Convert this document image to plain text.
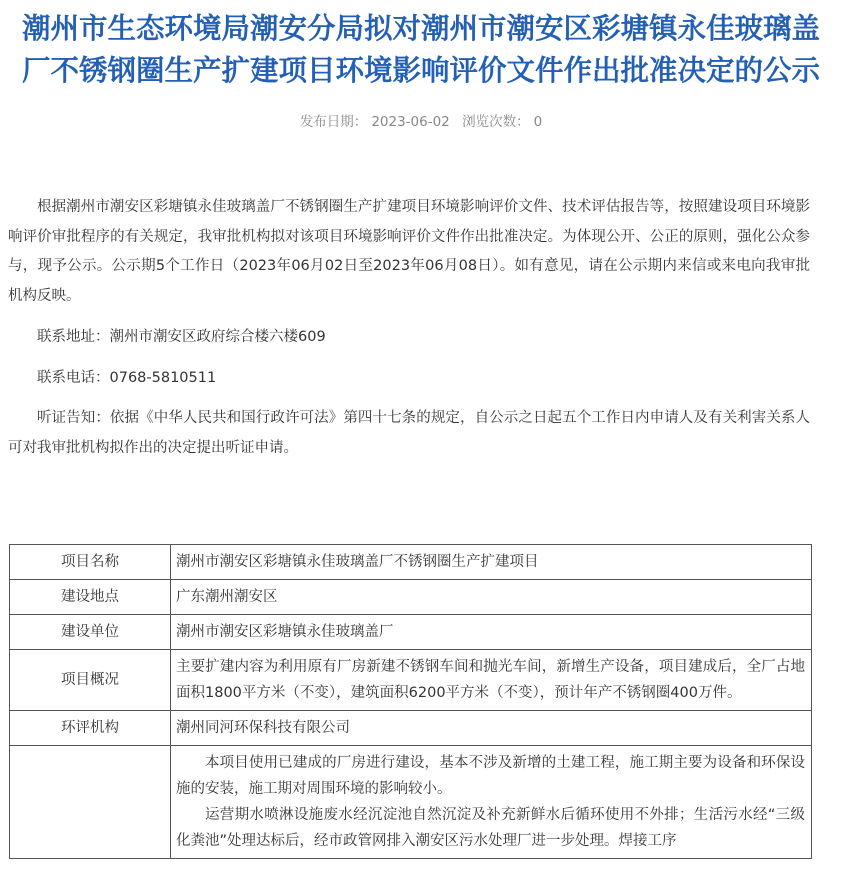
潮州市生态环境局潮安分局拟对潮州市潮安区彩塘镇永佳玻璃盖厂不锈钢圈生产扩建项目环境影响评价文件作出批准决定的公示
发布日期： 2023-06-02 浏览次数： 0

根据潮州市潮安区彩塘镇永佳玻璃盖厂不锈钢圈生产扩建项目环境影响评价文件、技术评估报告等，按照建设项目环境影响评价审批程序的有关规定，我审批机构拟对该项目环境影响评价文件作出批准决定。为体现公开、公正的原则，强化公众参与，现予公示。公示期5个工作日（2023年06月02日至2023年06月08日）。如有意见，请在公示期内来信或来电向我审批机构反映。

联系地址：潮州市潮安区政府综合楼六楼609

联系电话：0768-5810511

听证告知：依据《中华人民共和国行政许可法》第四十七条的规定，自公示之日起五个工作日内申请人及有关利害关系人可对我审批机构拟作出的决定提出听证申请。

项目名称	潮州市潮安区彩塘镇永佳玻璃盖厂不锈钢圈生产扩建项目
建设地点	广东潮州潮安区
建设单位	潮州市潮安区彩塘镇永佳玻璃盖厂
项目概况	主要扩建内容为利用原有厂房新建不锈钢车间和抛光车间，新增生产设备，项目建成后，全厂占地面积1800平方米（不变），建筑面积6200平方米（不变），预计年产不锈钢圈400万件。
环评机构	潮州同河环保科技有限公司

	本项目使用已建成的厂房进行建设，基本不涉及新增的土建工程，施工期主要为设备和环保设施的安装，施工期对周围环境的影响较小。

运营期水喷淋设施废水经沉淀池自然沉淀及补充新鲜水后循环使用不外排；生活污水经“三级化粪池”处理达标后，经市政管网排入潮安区污水处理厂进一步处理。焊接工序
